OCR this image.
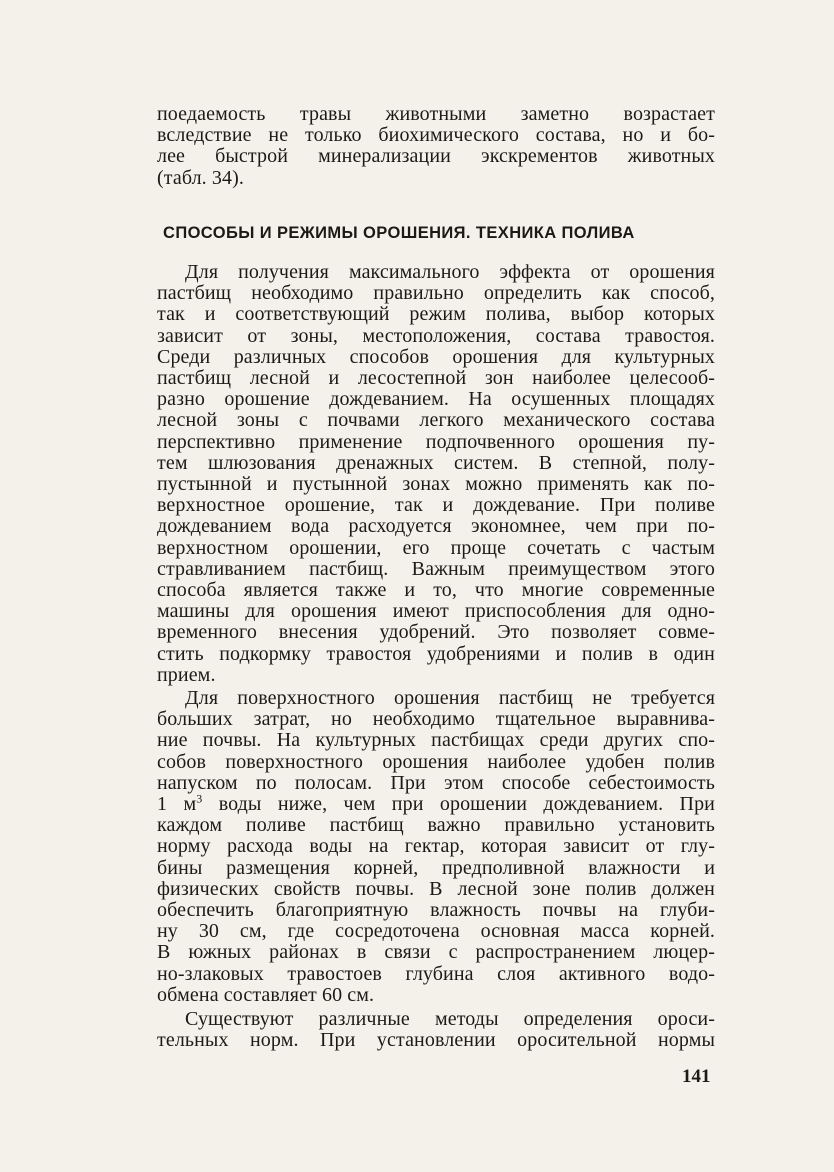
поедаемость травы животными заметно возрастает
вследствие не только биохимического состава, но и бо-
лее быстрой минерализации экскрементов животных
(табл. 34).
СПОСОБЫ И РЕЖИМЫ ОРОШЕНИЯ. ТЕХНИКА ПОЛИВА
Для получения максимального эффекта от орошения
пастбищ необходимо правильно определить как способ,
так и соответствующий режим полива, выбор которых
зависит от зоны, местоположения, состава травостоя.
Среди различных способов орошения для культурных
пастбищ лесной и лесостепной зон наиболее целесооб-
разно орошение дождеванием. На осушенных площадях
лесной зоны с почвами легкого механического состава
перспективно применение подпочвенного орошения пу-
тем шлюзования дренажных систем. В степной, полу-
пустынной и пустынной зонах можно применять как по-
верхностное орошение, так и дождевание. При поливе
дождеванием вода расходуется экономнее, чем при по-
верхностном орошении, его проще сочетать с частым
стравливанием пастбищ. Важным преимуществом этого
способа является также и то, что многие современные
машины для орошения имеют приспособления для одно-
временного внесения удобрений. Это позволяет совме-
стить подкормку травостоя удобрениями и полив в один
прием.
Для поверхностного орошения пастбищ не требуется
больших затрат, но необходимо тщательное выравнива-
ние почвы. На культурных пастбищах среди других спо-
собов поверхностного орошения наиболее удобен полив
напуском по полосам. При этом способе себестоимость
1 $м^3$ воды ниже, чем при орошении дождеванием. При
каждом поливе пастбищ важно правильно установить
норму расхода воды на гектар, которая зависит от глу-
бины размещения корней, предполивной влажности и
физических свойств почвы. В лесной зоне полив должен
обеспечить благоприятную влажность почвы на глуби-
ну 30 см, где сосредоточена основная масса корней.
В южных районах в связи с распространением люцер-
но-злаковых травостоев глубина слоя активного водо-
обмена составляет 60 см.
Существуют различные методы определения ороси-
тельных норм. При установлении оросительной нормы
141
